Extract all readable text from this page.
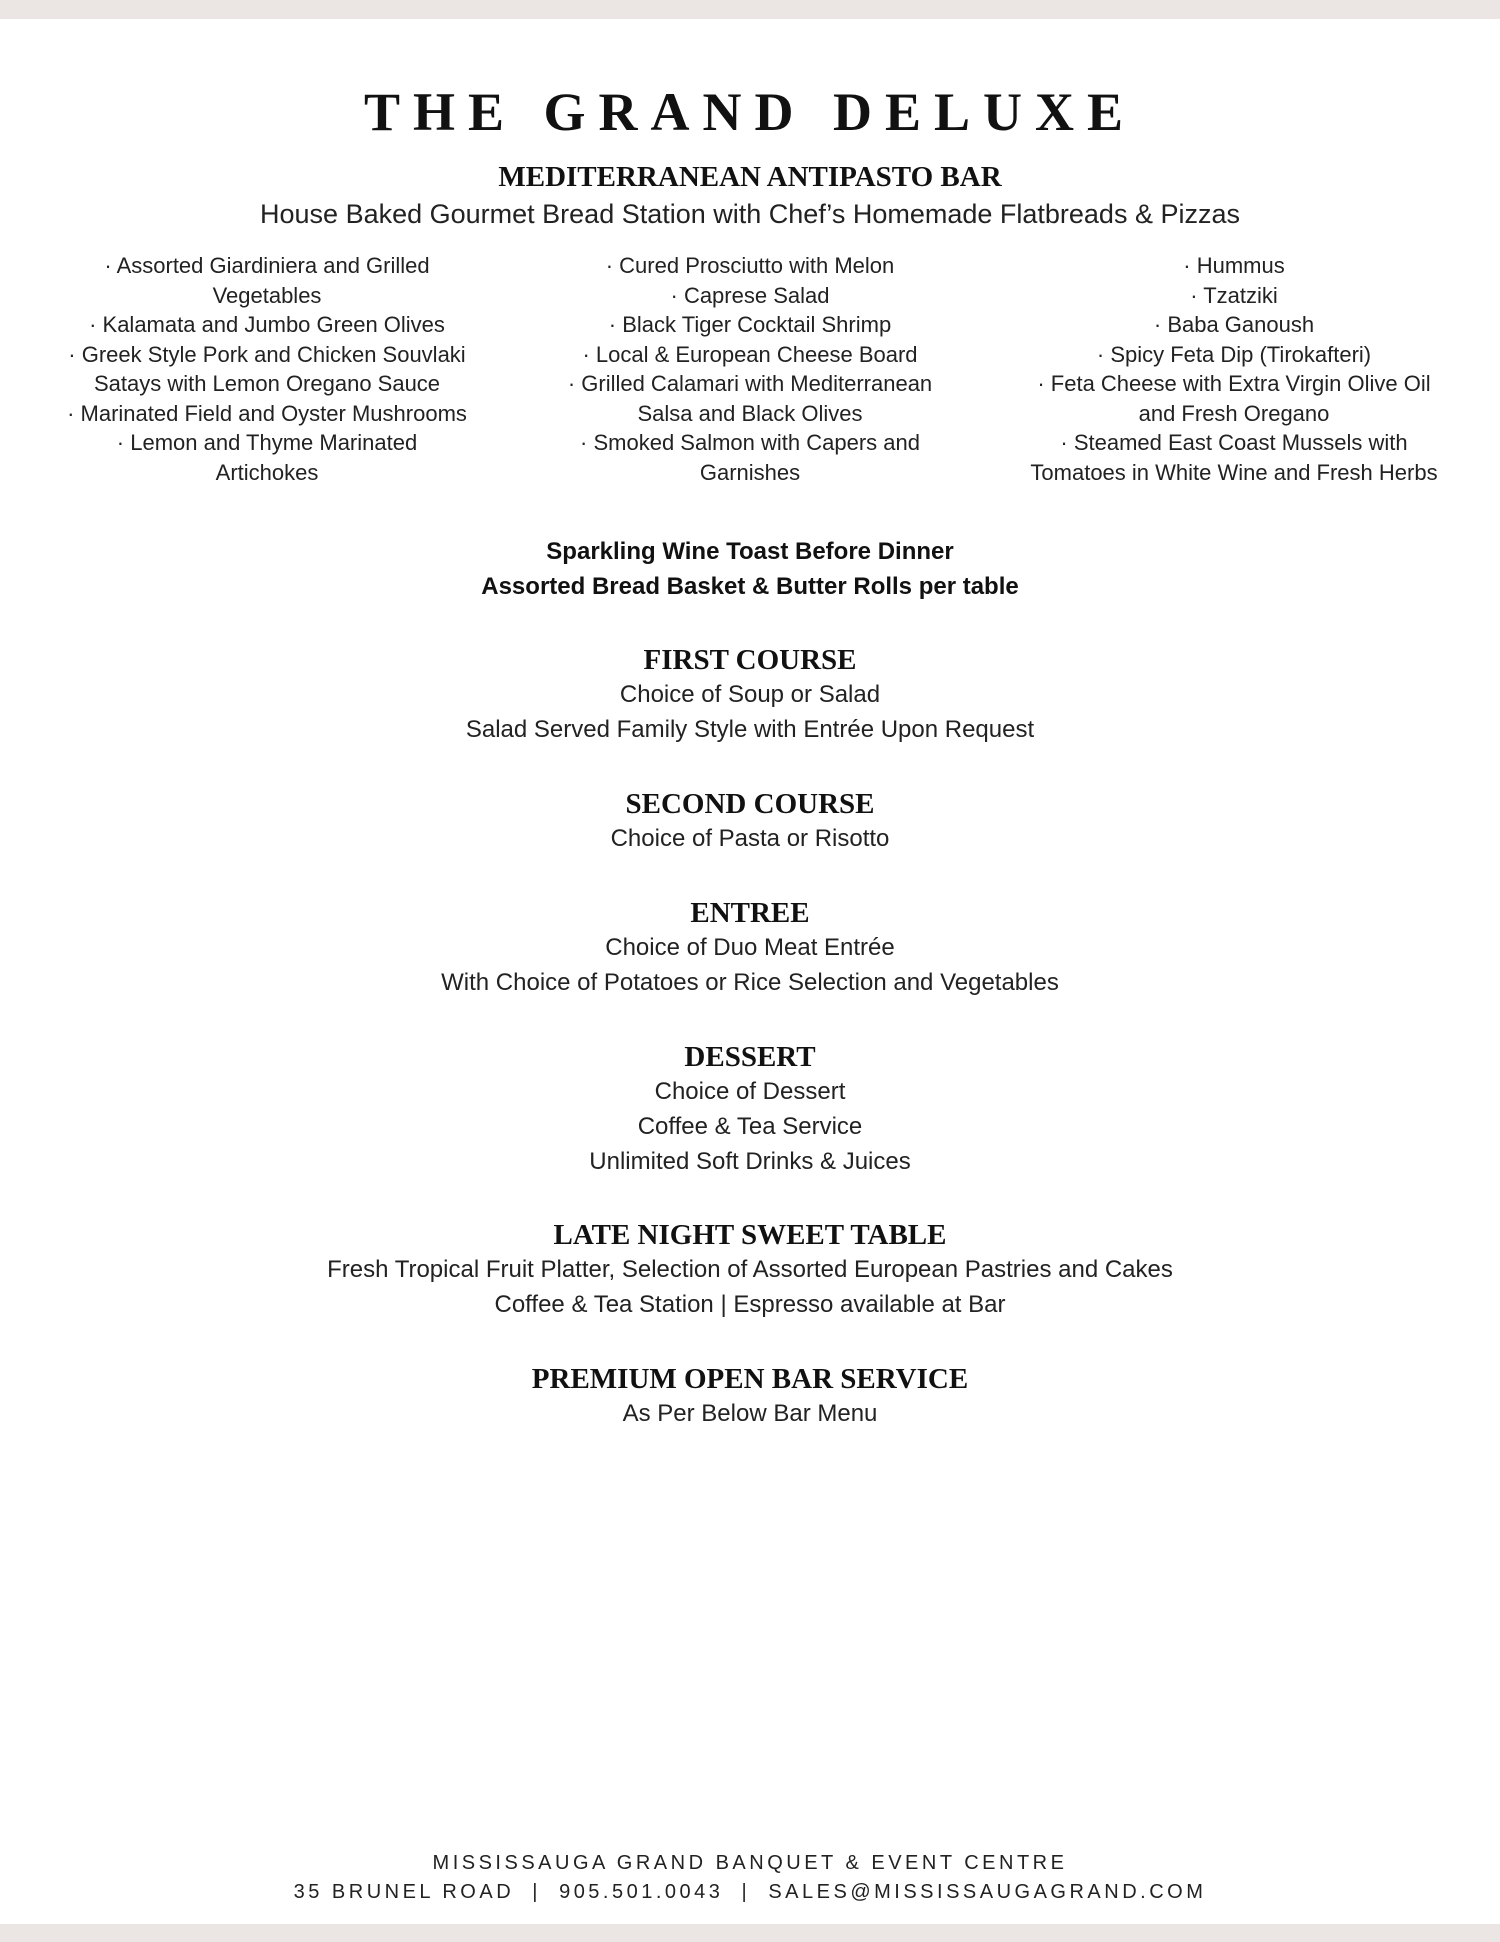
THE GRAND DELUXE
MEDITERRANEAN ANTIPASTO BAR

House Baked Gourmet Bread Station with Chef’s Homemade Flatbreads & Pizzas

· Assorted Giardiniera and Grilled

Vegetables

· Kalamata and Jumbo Green Olives

· Greek Style Pork and Chicken Souvlaki

Satays with Lemon Oregano Sauce

· Marinated Field and Oyster Mushrooms

· Lemon and Thyme Marinated

Artichokes

· Cured Prosciutto with Melon

· Caprese Salad

· Black Tiger Cocktail Shrimp

· Local & European Cheese Board

· Grilled Calamari with Mediterranean

Salsa and Black Olives

· Smoked Salmon with Capers and

Garnishes

· Hummus

· Tzatziki

· Baba Ganoush

· Spicy Feta Dip (Tirokafteri)

· Feta Cheese with Extra Virgin Olive Oil

and Fresh Oregano

· Steamed East Coast Mussels with

Tomatoes in White Wine and Fresh Herbs

Sparkling Wine Toast Before Dinner

Assorted Bread Basket & Butter Rolls per table

FIRST COURSE

Choice of Soup or Salad

Salad Served Family Style with Entrée Upon Request

SECOND COURSE

Choice of Pasta or Risotto

ENTREE

Choice of Duo Meat Entrée

With Choice of Potatoes or Rice Selection and Vegetables

DESSERT

Choice of Dessert

Coffee & Tea Service

Unlimited Soft Drinks & Juices

LATE NIGHT SWEET TABLE

Fresh Tropical Fruit Platter, Selection of Assorted European Pastries and Cakes

Coffee & Tea Station | Espresso available at Bar

PREMIUM OPEN BAR SERVICE

As Per Below Bar Menu

MISSISSAUGA GRAND BANQUET & EVENT CENTRE

35 BRUNEL ROAD  |  905.501.0043  |  SALES@MISSISSAUGAGRAND.COM
